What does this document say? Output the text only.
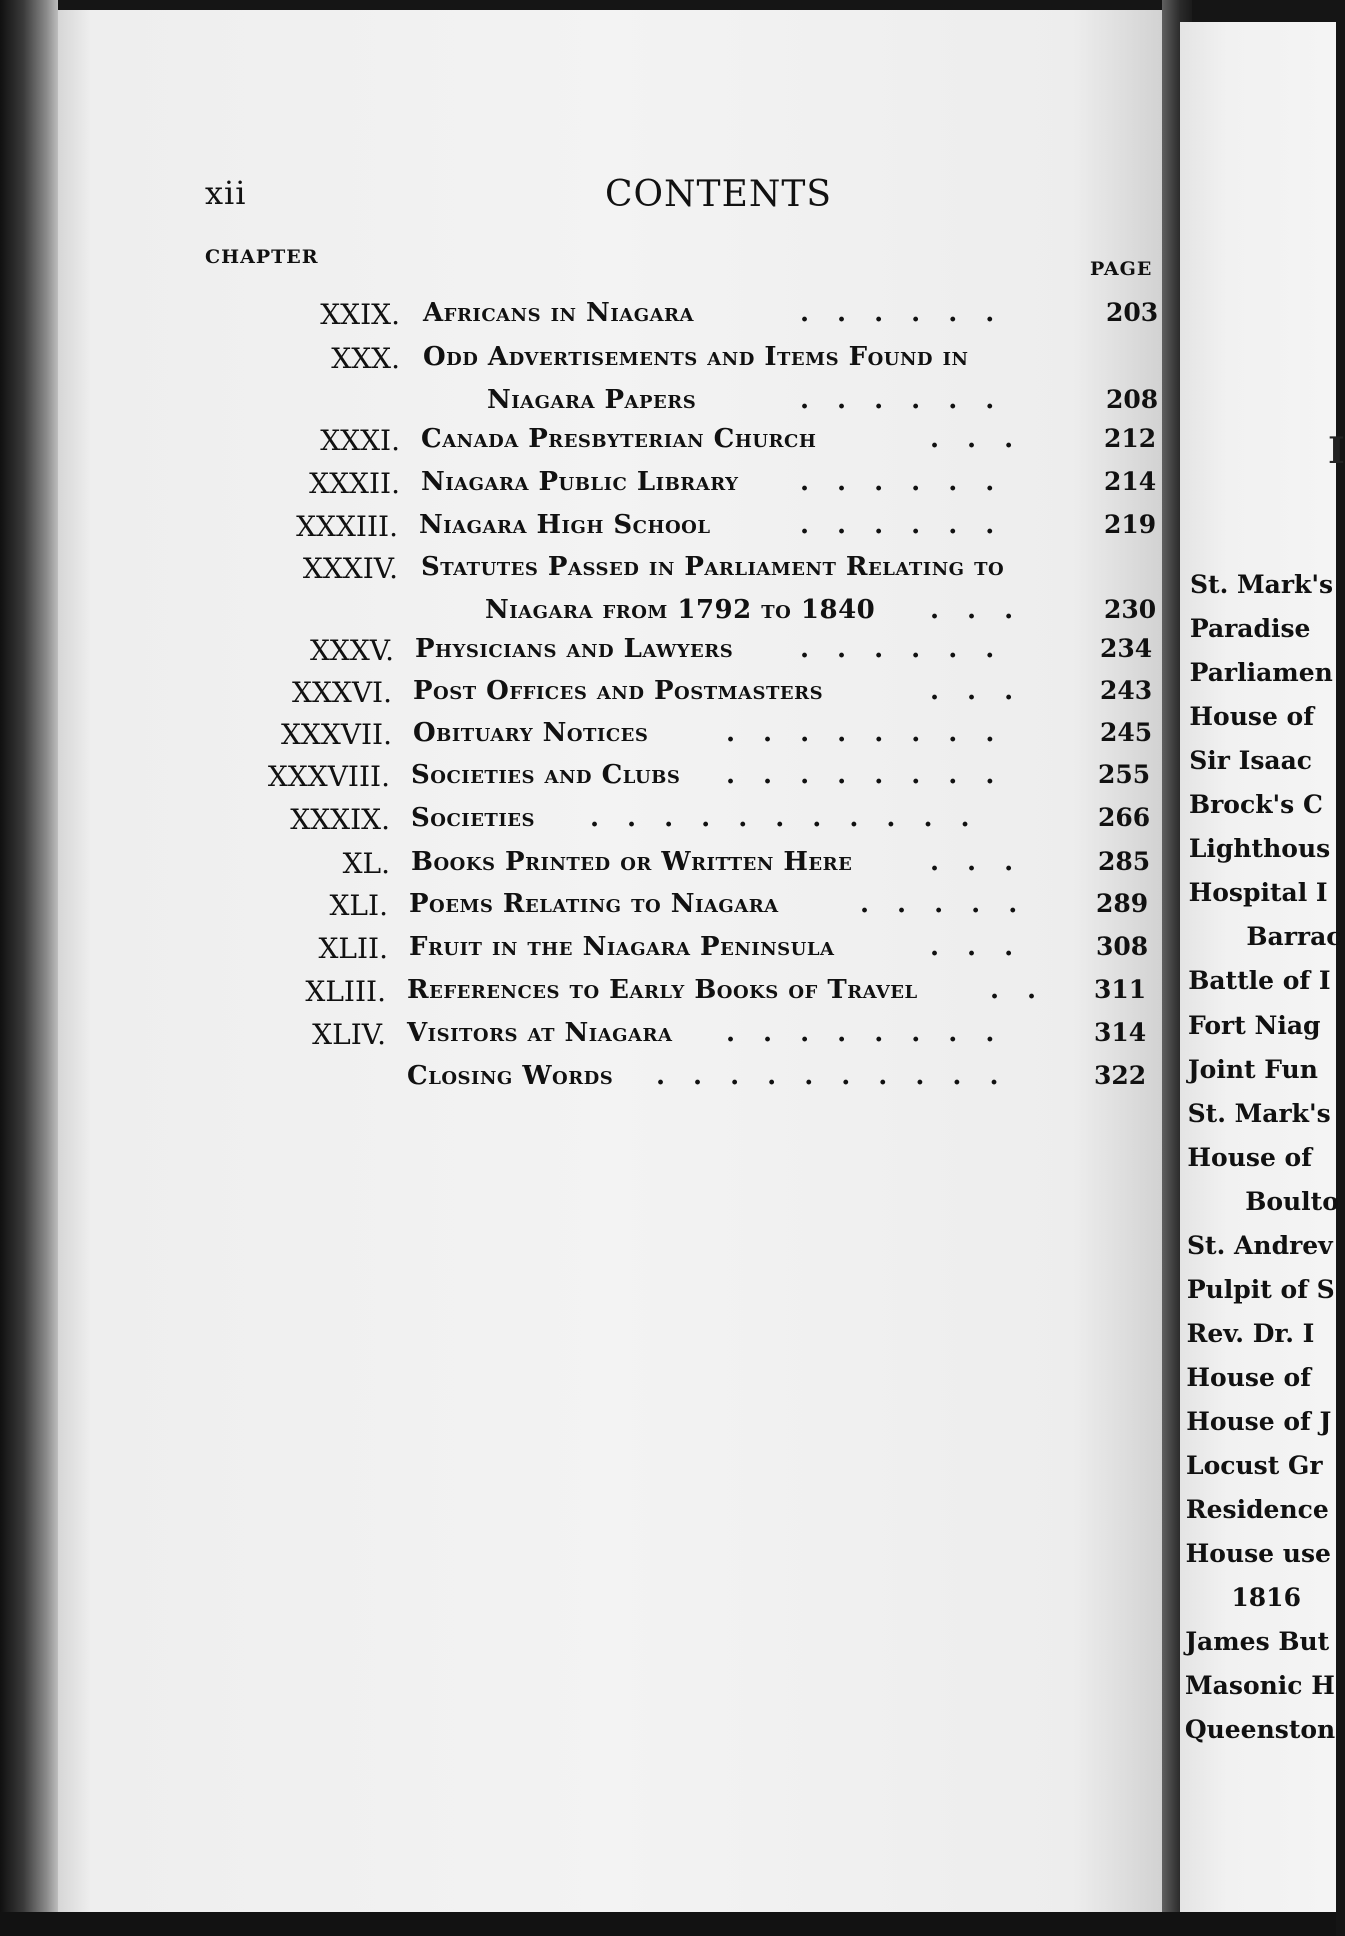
xii	CONTENTS
CHAPTER
PAGE
XXIX. Africans in Niagara	......	203
XXX. Odd Advertisements and Items Found in
Niagara Papers	......	208
XXXI. Canada Presbyterian Church	...	212
XXXII. Niagara Public Library ......	214
XXXIII. Niagara High School	......	219
XXXIV. Statutes Passed in Parliament Relating to
Niagara from 1792 to 1840 ...	230
XXXV. Physicians and Lawyers	......	234
XXXVI. Post Offices and Postmasters	... 243
XXXVII. Obituary Notices	........	245
XXXVIII. Societies and Clubs ........	255
XXXIX. Societies ...........	266
XL. Books Printed or Written Here	... 285
XLI. Poems Relating to Niagara	..... 289
XLII. Fruit in the Niagara Peninsula	... 308
XLIII. References to Early Books of Travel	.. 311
XLIV. Visitors at Niagara ........	314
Closing Words ..........	322
I
St. Mark's
Paradise
Parliamen
House of
Sir Isaac
Brock's C
Lighthous
Hospital I
Barrac
Battle of I
Fort Niag
Joint Fun
St. Mark's
House of
Boulto
St. Andrev
Pulpit of S
Rev. Dr. I
House of
House of J
Locust Gr
Residence
House use
1816
James But
Masonic H
Queenston
